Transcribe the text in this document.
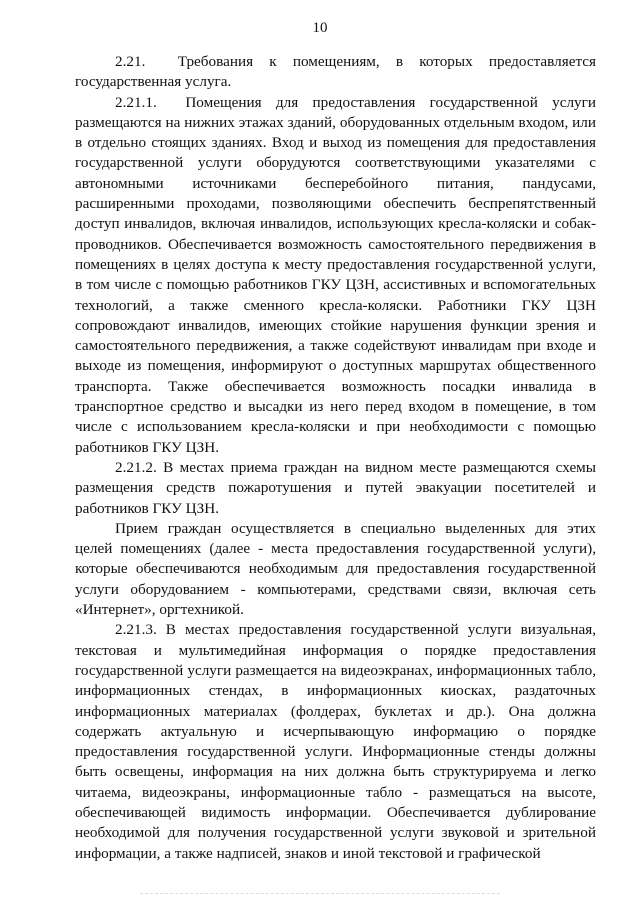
10

2.21.  Требования к помещениям, в которых предоставляется государственная услуга.

2.21.1.  Помещения для предоставления государственной услуги размещаются на нижних этажах зданий, оборудованных отдельным входом, или в отдельно стоящих зданиях. Вход и выход из помещения для предоставления государственной услуги оборудуются соответствующими указателями с автономными источниками бесперебойного питания, пандусами, расширенными проходами, позволяющими обеспечить беспрепятственный доступ инвалидов, включая инвалидов, использующих кресла-коляски и собак-проводников. Обеспечивается возможность самостоятельного передвижения в помещениях в целях доступа к месту предоставления государственной услуги, в том числе с помощью работников ГКУ ЦЗН, ассистивных и вспомогательных технологий, а также сменного кресла-коляски. Работники ГКУ ЦЗН сопровождают инвалидов, имеющих стойкие нарушения функции зрения и самостоятельного передвижения, а также содействуют инвалидам при входе и выходе из помещения, информируют о доступных маршрутах общественного транспорта. Также обеспечивается возможность посадки инвалида в транспортное средство и высадки из него перед входом в помещение, в том числе с использованием кресла-коляски и при необходимости с помощью работников ГКУ ЦЗН.

2.21.2. В местах приема граждан на видном месте размещаются схемы размещения средств пожаротушения и путей эвакуации посетителей и работников ГКУ ЦЗН.

Прием граждан осуществляется в специально выделенных для этих целей помещениях (далее - места предоставления государственной услуги), которые обеспечиваются необходимым для предоставления государственной услуги оборудованием - компьютерами, средствами связи, включая сеть «Интернет», оргтехникой.

2.21.3. В местах предоставления государственной услуги визуальная, текстовая и мультимедийная информация о порядке предоставления государственной услуги размещается на видеоэкранах, информационных табло, информационных стендах, в информационных киосках, раздаточных информационных материалах (фолдерах, буклетах и др.). Она должна содержать актуальную и исчерпывающую информацию о порядке предоставления государственной услуги. Информационные стенды должны быть освещены, информация на них должна быть структурируема и легко читаема, видеоэкраны, информационные табло - размещаться на высоте, обеспечивающей видимость информации. Обеспечивается дублирование необходимой для получения государственной услуги звуковой и зрительной информации, а также надписей, знаков и иной текстовой и графической
